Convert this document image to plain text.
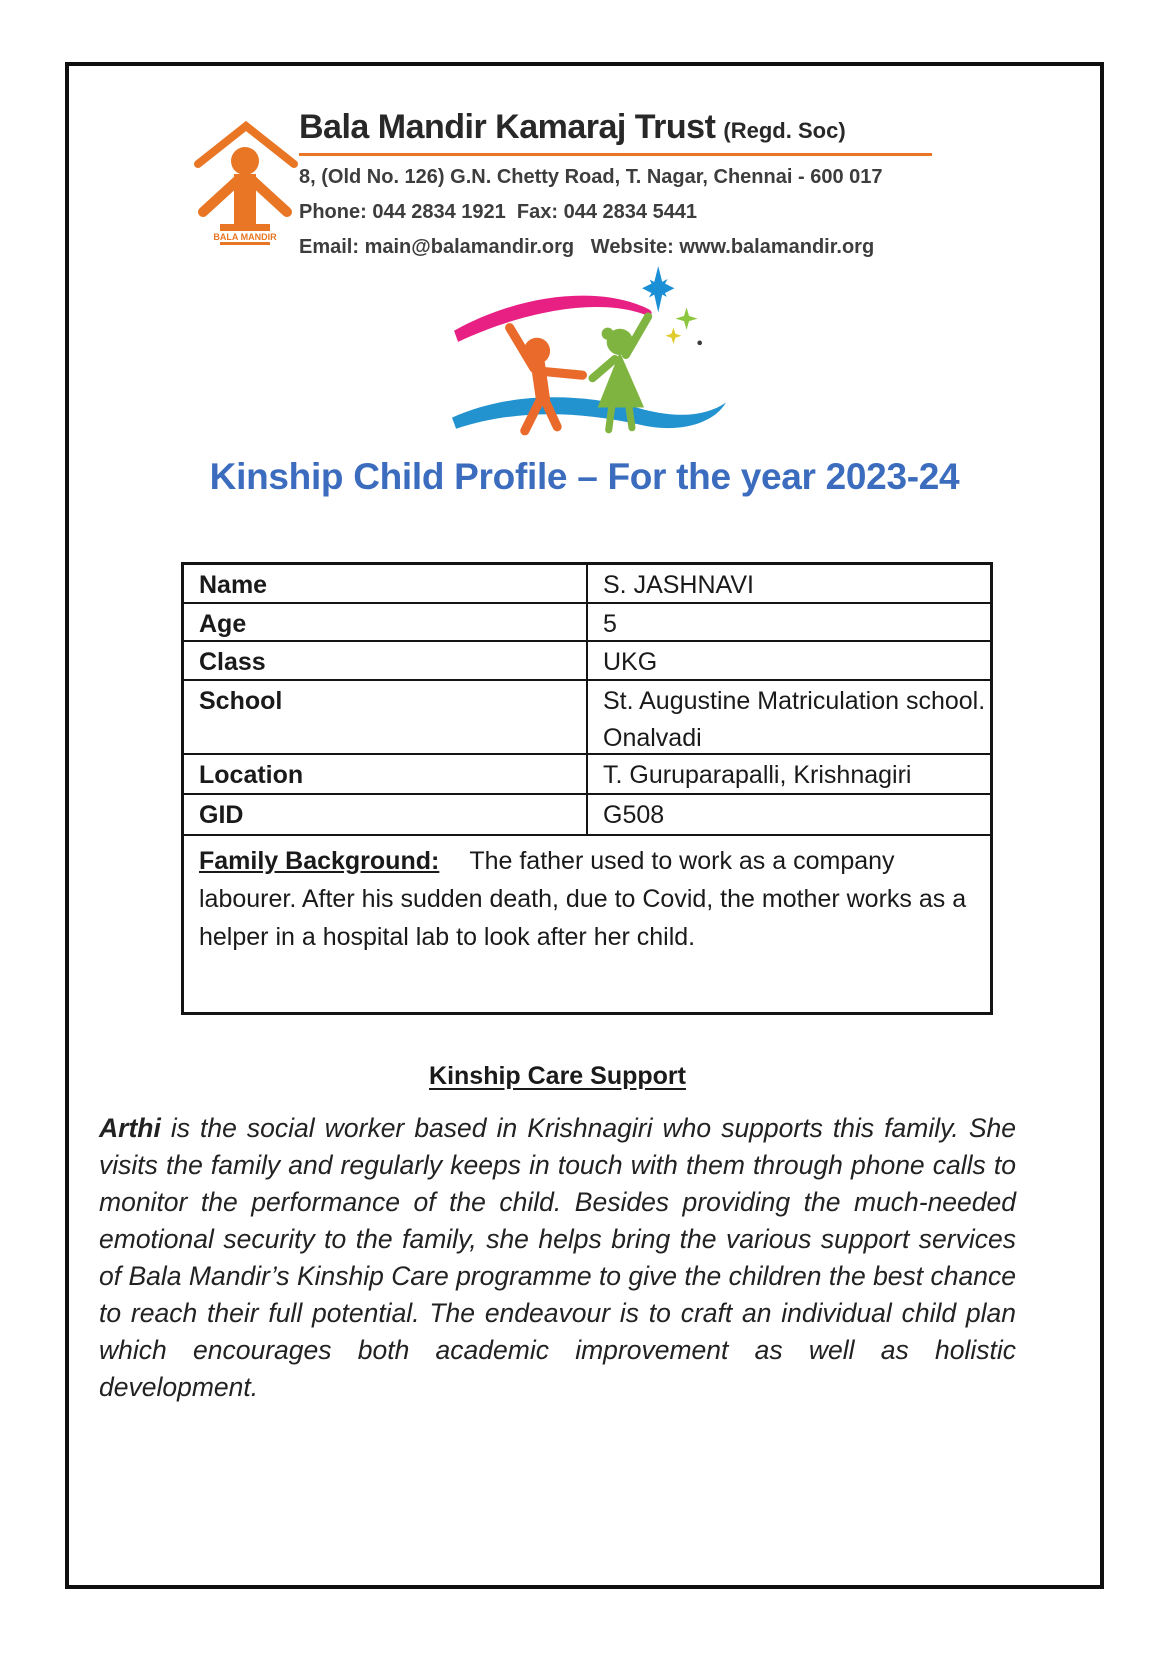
BALA MANDIR
Bala Mandir Kamaraj Trust (Regd. Soc)
8, (Old No. 126) G.N. Chetty Road, T. Nagar, Chennai - 600 017
Phone: 044 2834 1921  Fax: 044 2834 5441
Email: main@balamandir.org   Website: www.balamandir.org
Kinship Child Profile – For the year 2023-24
Name	S. JASHNAVI
Age	5
Class	UKG
School	St. Augustine Matriculation school. Onalvadi
Location	T. Guruparapalli, Krishnagiri
GID	G508
Family Background: The father used to work as a company labourer. After his sudden death, due to Covid, the mother works as a helper in a hospital lab to look after her child.
Kinship Care Support

Arthi is the social worker based in Krishnagiri who supports this family. She visits the family and regularly keeps in touch with them through phone calls to monitor the performance of the child. Besides providing the much-needed emotional security to the family, she helps bring the various support services of Bala Mandir’s Kinship Care programme to give the children the best chance to reach their full potential. The endeavour is to craft an individual child plan which encourages both academic improvement as well as holistic development.
